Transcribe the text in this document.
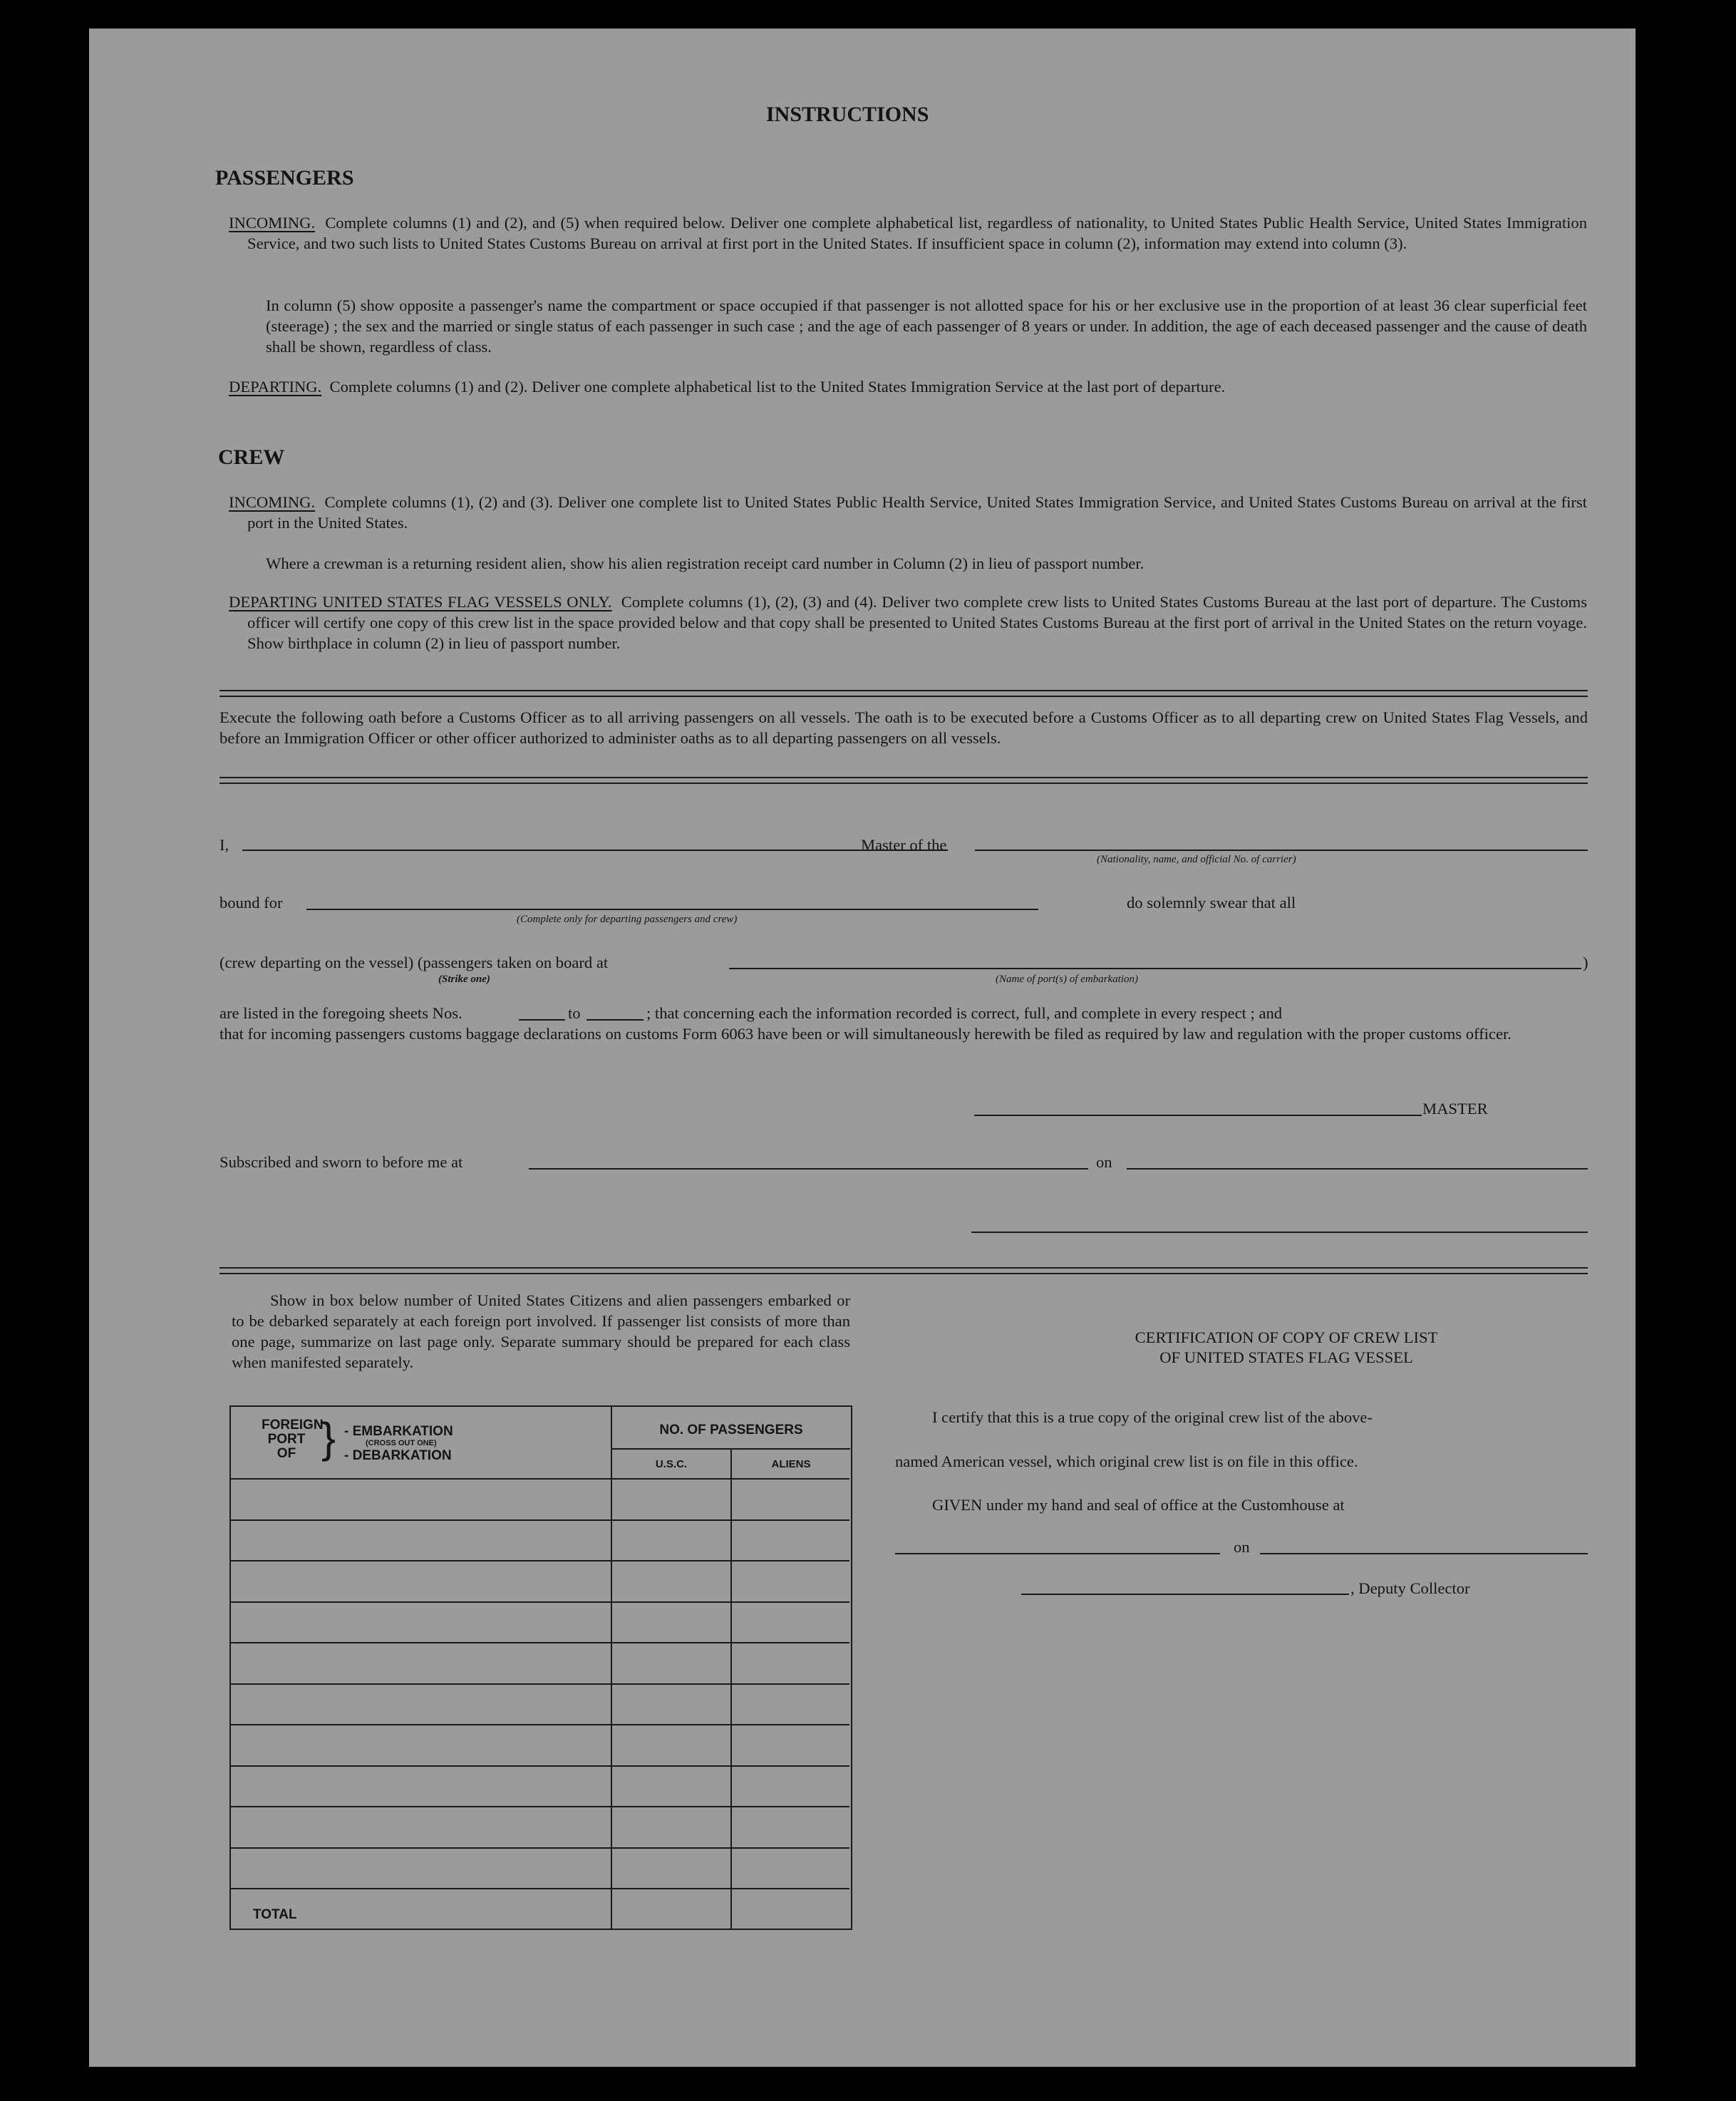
INSTRUCTIONS
PASSENGERS
INCOMING. Complete columns (1) and (2), and (5) when required below. Deliver one complete alphabetical list, regardless of nationality, to United States Public Health Service, United States Immigration Service, and two such lists to United States Customs Bureau on arrival at first port in the United States. If insufficient space in column (2), information may extend into column (3).
In column (5) show opposite a passenger's name the compartment or space occupied if that passenger is not allotted space for his or her exclusive use in the proportion of at least 36 clear superficial feet (steerage) ; the sex and the married or single status of each passenger in such case ; and the age of each passenger of 8 years or under. In addition, the age of each deceased passenger and the cause of death shall be shown, regardless of class.
DEPARTING. Complete columns (1) and (2). Deliver one complete alphabetical list to the United States Immigration Service at the last port of departure.
CREW
INCOMING. Complete columns (1), (2) and (3). Deliver one complete list to United States Public Health Service, United States Immigration Service, and United States Customs Bureau on arrival at the first port in the United States.
Where a crewman is a returning resident alien, show his alien registration receipt card number in Column (2) in lieu of passport number.
DEPARTING UNITED STATES FLAG VESSELS ONLY. Complete columns (1), (2), (3) and (4). Deliver two complete crew lists to United States Customs Bureau at the last port of departure. The Customs officer will certify one copy of this crew list in the space provided below and that copy shall be presented to United States Customs Bureau at the first port of arrival in the United States on the return voyage. Show birthplace in column (2) in lieu of passport number.
Execute the following oath before a Customs Officer as to all arriving passengers on all vessels. The oath is to be executed before a Customs Officer as to all departing crew on United States Flag Vessels, and before an Immigration Officer or other officer authorized to administer oaths as to all departing passengers on all vessels.
I,	Master of the
(Nationality, name, and official No. of carrier)
bound for
(Complete only for departing passengers and crew)
do solemnly swear that all
(crew departing on the vessel) (passengers taken on board at
(Strike one)	(Name of port(s) of embarkation)
)
are listed in the foregoing sheets Nos.	to	; that concerning each the information recorded is correct, full, and complete in every respect ; and
that for incoming passengers customs baggage declarations on customs Form 6063 have been or will simultaneously herewith be filed as required by law and regulation with the proper customs officer.
MASTER
Subscribed and sworn to before me at	on
Show in box below number of United States Citizens and alien passengers embarked or to be debarked separately at each foreign port involved. If passenger list consists of more than one page, summarize on last page only. Separate summary should be prepared for each class when manifested separately.
FOREIGN PORT OF } - EMBARKATION
(CROSS OUT ONE)
- DEBARKATION
NO. OF PASSENGERS
U.S.C.	ALIENS
TOTAL
CERTIFICATION OF COPY OF CREW LIST
OF UNITED STATES FLAG VESSEL
I certify that this is a true copy of the original crew list of the above-
named American vessel, which original crew list is on file in this office.
GIVEN under my hand and seal of office at the Customhouse at
on
, Deputy Collector
